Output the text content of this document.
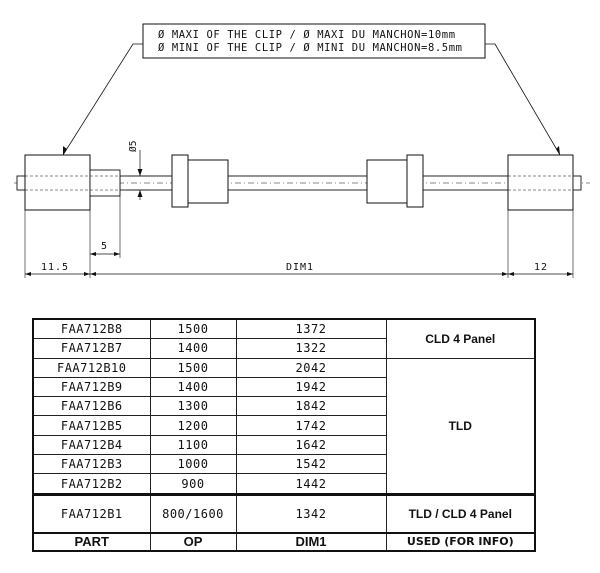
Ø MAXI OF THE CLIP / Ø MAXI DU MANCHON=10mm
Ø MINI OF THE CLIP / Ø MINI DU MANCHON=8.5mm
Ø5
5
11.5	DIM1	12
FAA712B8	1500	1372	CLD 4 Panel
FAA712B7	1400	1322	
FAA712B10	1500	2042	TLD
FAA712B9	1400	1942	
FAA712B6	1300	1842	
FAA712B5	1200	1742	
FAA712B4	1100	1642	
FAA712B3	1000	1542	
FAA712B2	900	1442	
FAA712B1	800/1600	1342	TLD / CLD 4 Panel
PART	OP	DIM1	USED (FOR INFO)
